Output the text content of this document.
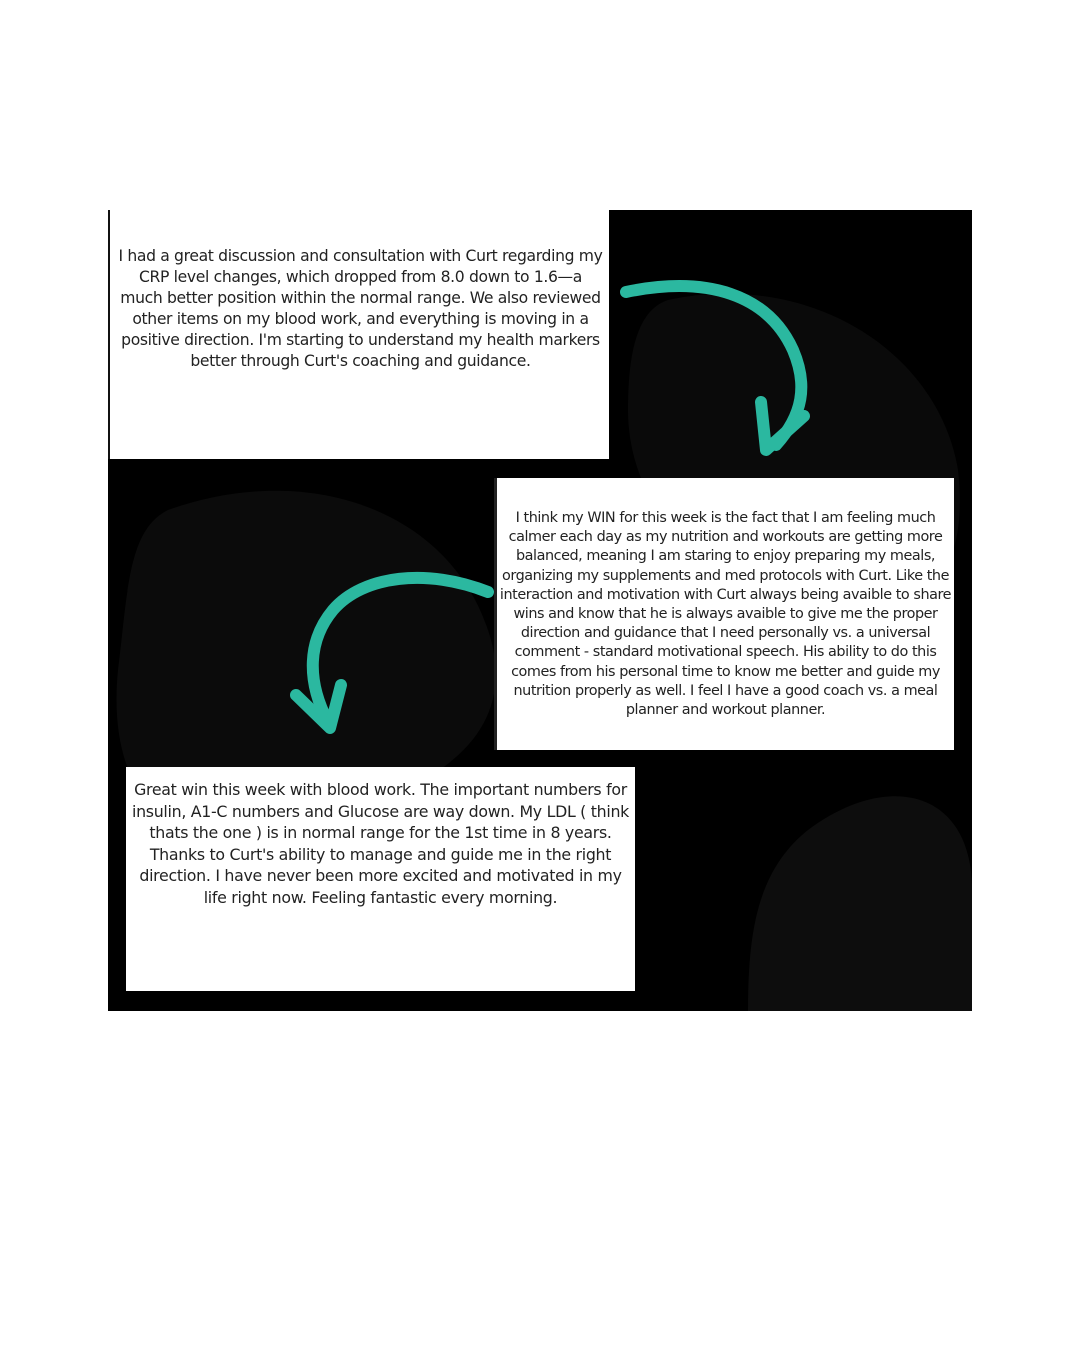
I had a great discussion and consultation with Curt regarding my CRP level changes, which dropped from 8.0 down to 1.6—a much better position within the normal range. We also reviewed other items on my blood work, and everything is moving in a positive direction. I'm starting to understand my health markers better through Curt's coaching and guidance.

I think my WIN for this week is the fact that I am feeling much calmer each day as my nutrition and workouts are getting more balanced, meaning I am staring to enjoy preparing my meals, organizing my supplements and med protocols with Curt. Like the interaction and motivation with Curt always being avaible to share wins and know that he is always avaible to give me the proper direction and guidance that I need personally vs. a universal comment - standard motivational speech. His ability to do this comes from his personal time to know me better and guide my nutrition properly as well. I feel I have a good coach vs. a meal planner and workout planner.

Great win this week with blood work. The important numbers for insulin, A1-C numbers and Glucose are way down. My LDL ( think thats the one ) is in normal range for the 1st time in 8 years. Thanks to Curt's ability to manage and guide me in the right direction. I have never been more excited and motivated in my life right now. Feeling fantastic every morning.
